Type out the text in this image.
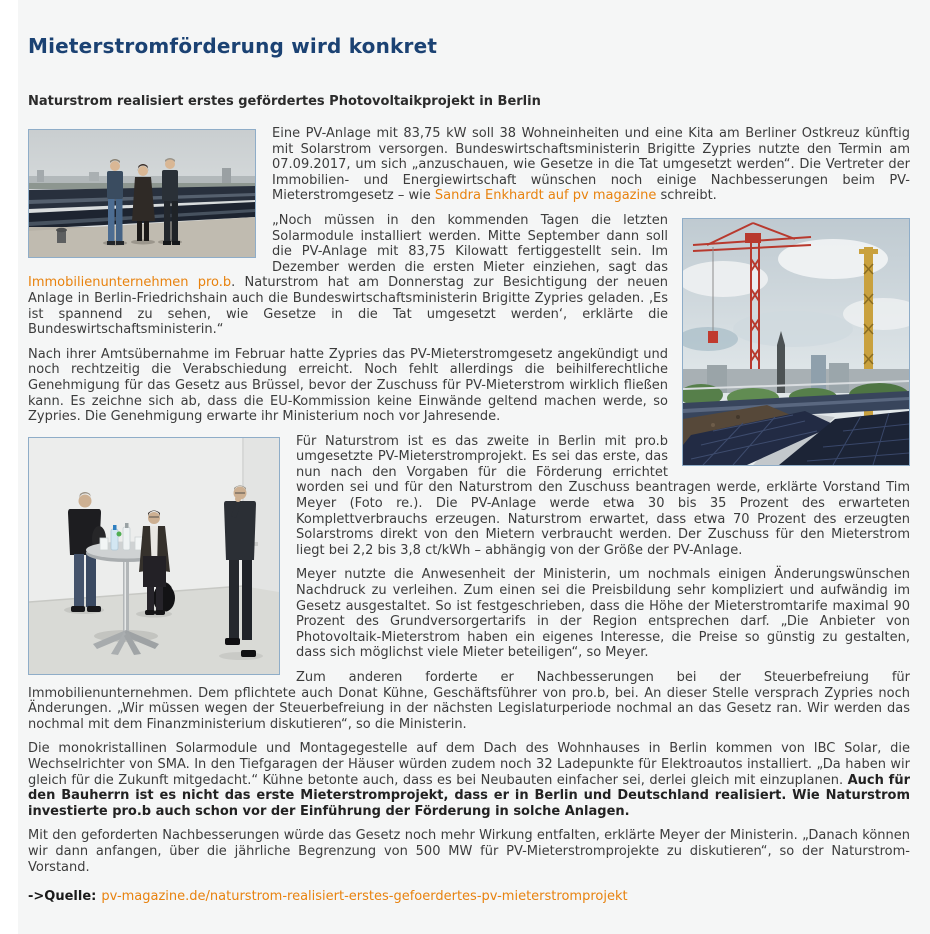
Mieterstromförderung wird konkret
Naturstrom realisiert erstes gefördertes Photovoltaikprojekt in Berlin

Eine PV-Anlage mit 83,75 kW soll 38 Wohneinheiten und eine Kita am Berliner Ostkreuz künftig mit Solarstrom versorgen. Bundeswirtschaftsministerin Brigitte Zypries nutzte den Termin am 07.09.2017, um sich „anzuschauen, wie Gesetze in die Tat umgesetzt werden“. Die Vertreter der Immobilien- und Energiewirtschaft wünschen noch einige Nachbesserungen beim PV-Mieterstromgesetz – wie Sandra Enkhardt auf pv magazine schreibt.

„Noch müssen in den kommenden Tagen die letzten Solarmodule installiert werden. Mitte September dann soll die PV-Anlage mit 83,75 Kilowatt fertiggestellt sein. Im Dezember werden die ersten Mieter einziehen, sagt das Immobilienunternehmen pro.b. Naturstrom hat am Donnerstag zur Besichtigung der neuen Anlage in Berlin-Friedrichshain auch die Bundeswirtschaftsministerin Brigitte Zypries geladen. ‚Es ist spannend zu sehen, wie Gesetze in die Tat umgesetzt werden‘, erklärte die Bundeswirtschaftsministerin.“

Nach ihrer Amtsübernahme im Februar hatte Zypries das PV-Mieterstromgesetz angekündigt und noch rechtzeitig die Verabschiedung erreicht. Noch fehlt allerdings die beihilferechtliche Genehmigung für das Gesetz aus Brüssel, bevor der Zuschuss für PV-Mieterstrom wirklich fließen kann. Es zeichne sich ab, dass die EU-Kommission keine Einwände geltend machen werde, so Zypries. Die Genehmigung erwarte ihr Ministerium noch vor Jahresende.

Für Naturstrom ist es das zweite in Berlin mit pro.b umgesetzte PV-Mieterstromprojekt. Es sei das erste, das nun nach den Vorgaben für die Förderung errichtet worden sei und für den Naturstrom den Zuschuss beantragen werde, erklärte Vorstand Tim Meyer (Foto re.). Die PV-Anlage werde etwa 30 bis 35 Prozent des erwarteten Komplettverbrauchs erzeugen. Naturstrom erwartet, dass etwa 70 Prozent des erzeugten Solarstroms direkt von den Mietern verbraucht werden. Der Zuschuss für den Mieterstrom liegt bei 2,2 bis 3,8 ct/kWh – abhängig von der Größe der PV-Anlage.

Meyer nutzte die Anwesenheit der Ministerin, um nochmals einigen Änderungswünschen Nachdruck zu verleihen. Zum einen sei die Preisbildung sehr kompliziert und aufwändig im Gesetz ausgestaltet. So ist festgeschrieben, dass die Höhe der Mieterstromtarife maximal 90 Prozent des Grundversorgertarifs in der Region entsprechen darf. „Die Anbieter von Photovoltaik-Mieterstrom haben ein eigenes Interesse, die Preise so günstig zu gestalten, dass sich möglichst viele Mieter beteiligen“, so Meyer.

Zum anderen forderte er Nachbesserungen bei der Steuerbefreiung für Immobilienunternehmen. Dem pflichtete auch Donat Kühne, Geschäftsführer von pro.b, bei. An dieser Stelle versprach Zypries noch Änderungen. „Wir müssen wegen der Steuerbefreiung in der nächsten Legislaturperiode nochmal an das Gesetz ran. Wir werden das nochmal mit dem Finanzministerium diskutieren“, so die Ministerin.

Die monokristallinen Solarmodule und Montagegestelle auf dem Dach des Wohnhauses in Berlin kommen von IBC Solar, die Wechselrichter von SMA. In den Tiefgaragen der Häuser würden zudem noch 32 Ladepunkte für Elektroautos installiert. „Da haben wir gleich für die Zukunft mitgedacht.“ Kühne betonte auch, dass es bei Neubauten einfacher sei, derlei gleich mit einzuplanen. Auch für den Bauherrn ist es nicht das erste Mieterstromprojekt, dass er in Berlin und Deutschland realisiert. Wie Naturstrom investierte pro.b auch schon vor der Einführung der Förderung in solche Anlagen.

Mit den geforderten Nachbesserungen würde das Gesetz noch mehr Wirkung entfalten, erklärte Meyer der Ministerin. „Danach können wir dann anfangen, über die jährliche Begrenzung von 500 MW für PV-Mieterstromprojekte zu diskutieren“, so der Naturstrom-Vorstand.

->Quelle: pv-magazine.de/naturstrom-realisiert-erstes-gefoerdertes-pv-mieterstromprojekt
